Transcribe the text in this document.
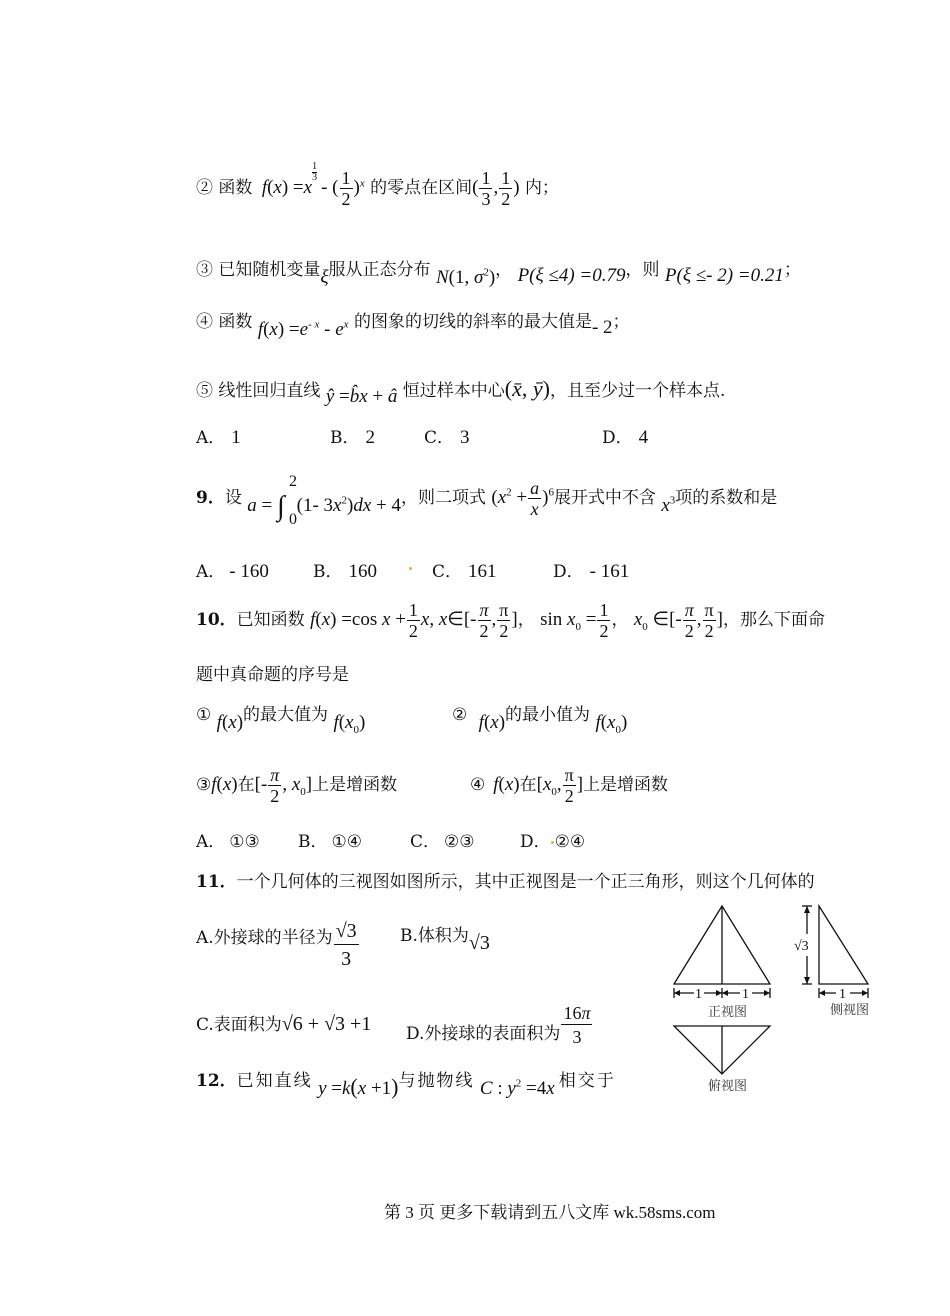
② 函数 f(x) =x
$\frac{1}{3}$
- ( $\frac{1}{2} )^x$ 的零点在区间( $\frac{1}{3}$ , $\frac{1}{2}$ ) 内；
③ 已知随机变量ξ服从正态分布 N(1, $\sigma^2$)， P(ξ ≤4) =0.79，则 P(ξ ≤- 2) =0.21；
④ 函数 $f(x) =e^{- x} - e^x$ 的图象的切线的斜率的最大值是- 2；
⑤ 线性回归直线 ŷ =b̂x + â 恒过样本中心(x̄, ȳ)，且至少过一个样本点.
A． 1	B． 2	C． 3	D． 4
9．设 a = ∫
2
0
(1- $3x^2)dx + 4$，则二项式 $(x^2 + \frac{a}{x} )^6$展开式中不含 $x^3$项的系数和是
A． - 160	B． 160	C． 161	D． - 161
10．已知函数 f(x) =cos $x + \frac{1}{2} x$, x∈[- $\frac{\pi}{2}$ , $\frac{\pi}{2}$ ]， $\sin x_0 = \frac{1}{2}$ ， $x_0$ ∈[- $\frac{\pi}{2}$ , $\frac{\pi}{2}$ ]，那么下面命
题中真命题的序号是
① f(x)的最大值为 $f(x_0)$	② f(x)的最小值为 $f(x_0)$
③f(x)在[- $\frac{\pi}{2}$ , $x_0$]上是增函数	④ f(x)在[$x_0$, $\frac{\pi}{2}$ ]上是增函数
A． ①③ B． ①④	C． ②③	D． ②④
11．一个几何体的三视图如图所示，其中正视图是一个正三角形，则这个几何体的
A.外接球的半径为 $\frac{√3}{3} B$.体积为√3
C.表面积为√6 + √3 +1 D.外接球的表面积为 $\frac{16\pi}{3}$
1	1	1
√3
正视图	侧视图
俯视图
12．已知直线 y =k(x +1)与抛物线 C : $y^2 =4x$ 相交于
第 3 页 更多下载请到五八文库 wk.58sms.com
